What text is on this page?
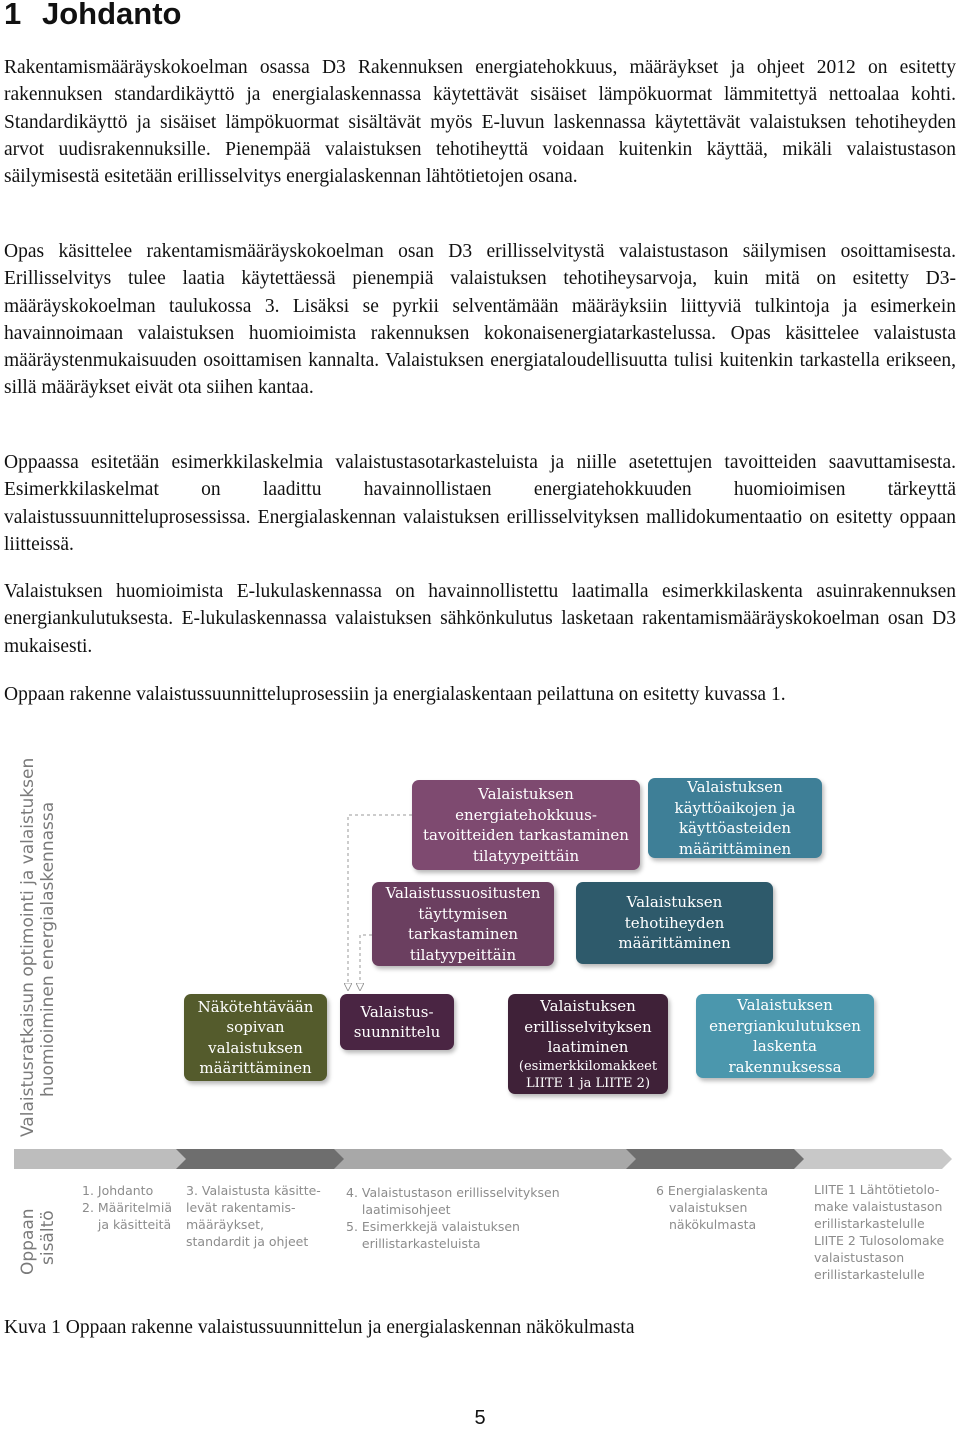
1 Johdanto

Rakentamismääräyskokoelman osassa D3 Rakennuksen energiatehokkuus, määräykset ja ohjeet 2012 on esitetty rakennuksen standardikäyttö ja energialaskennassa käytettävät sisäiset lämpökuormat lämmitettyä nettoalaa kohti. Standardikäyttö ja sisäiset lämpökuormat sisältävät myös E-luvun laskennassa käytettävät valaistuksen tehotiheyden arvot uudisrakennuksille. Pienempää valaistuksen tehotiheyttä voidaan kuitenkin käyttää, mikäli valaistustason säilymisestä esitetään erillisselvitys energialaskennan lähtötietojen osana.

Opas käsittelee rakentamismääräyskokoelman osan D3 erillisselvitystä valaistustason säilymisen osoittamisesta. Erillisselvitys tulee laatia käytettäessä pienempiä valaistuksen tehotiheysarvoja, kuin mitä on esitetty D3-määräyskokoelman taulukossa 3. Lisäksi se pyrkii selventämään määräyksiin liittyviä tulkintoja ja esimerkein havainnoimaan valaistuksen huomioimista rakennuksen kokonaisenergiatarkastelussa. Opas käsittelee valaistusta määräystenmukaisuuden osoittamisen kannalta. Valaistuksen energiataloudellisuutta tulisi kuitenkin tarkastella erikseen, sillä määräykset eivät ota siihen kantaa.

Oppaassa esitetään esimerkkilaskelmia valaistustasotarkasteluista ja niille asetettujen tavoitteiden saavuttamisesta. Esimerkkilaskelmat on laadittu havainnollistaen energiatehokkuuden huomioimisen tärkeyttä valaistussuunnitteluprosessissa. Energialaskennan valaistuksen erillisselvityksen mallidokumentaatio on esitetty oppaan liitteissä.

Valaistuksen huomioimista E-lukulaskennassa on havainnollistettu laatimalla esimerkkilaskenta asuinrakennuksen energiankulutuksesta. E-lukulaskennassa valaistuksen sähkönkulutus lasketaan rakentamismääräyskokoelman osan D3 mukaisesti.

Oppaan rakenne valaistussuunnitteluprosessiin ja energialaskentaan peilattuna on esitetty kuvassa 1.

Valaistusratkaisun optimointi ja valaistuksen huomioiminen energialaskennassa
Oppaan sisältö
Valaistuksen
energiatehokkuus-
tavoitteiden tarkastaminen
tilatyypeittäin
Valaistuksen
käyttöaikojen ja
käyttöasteiden
määrittäminen
Valaistussuositusten
täyttymisen
tarkastaminen
tilatyypeittäin
Valaistuksen
tehotiheyden
määrittäminen
Näkötehtävään
sopivan
valaistuksen
määrittäminen
Valaistus-
suunnittelu
Valaistuksen
erillisselvityksen
laatiminen
(esimerkkilomakkeet
LIITE 1 ja LIITE 2)
Valaistuksen
energiankulutuksen
laskenta
rakennuksessa
1. Johdanto
2. Määritelmiä
ja käsitteitä
3. Valaistusta käsitte-
levät rakentamis-
määräykset,
standardit ja ohjeet
4. Valaistustason erillisselvityksen
laatimisohjeet
5. Esimerkkejä valaistuksen
erillistarkasteluista
6 Energialaskenta
valaistuksen
näkökulmasta
LIITE 1 Lähtötietolo-
make valaistustason
erillistarkastelulle
LIITE 2 Tulosolomake
valaistustason
erillistarkastelulle
Kuva 1 Oppaan rakenne valaistussuunnittelun ja energialaskennan näkökulmasta
5
